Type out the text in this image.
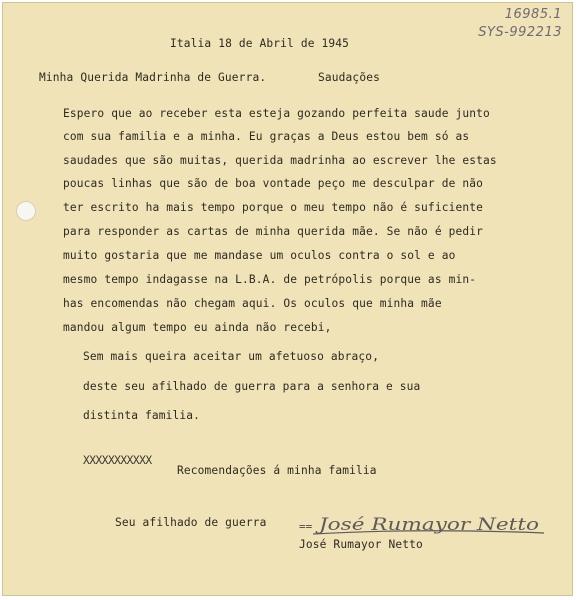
16985.1
SYS-992213
Italia 18 de Abril de 1945
Minha Querida Madrinha de Guerra.	Saudações
Espero que ao receber esta esteja gozando perfeita saude junto
com sua familia e a minha. Eu graças a Deus estou bem só as
saudades que são muitas, querida madrinha ao escrever lhe estas
poucas linhas que são de boa vontade peço me desculpar de não
ter escrito ha mais tempo porque o meu tempo não é suficiente
para responder as cartas de minha querida mãe. Se não é pedir
muito gostaria que me mandase um oculos contra o sol e ao
mesmo tempo indagasse na L.B.A. de petrópolis porque as min-
has encomendas não chegam aqui. Os oculos que minha mãe
mandou algum tempo eu ainda não recebi,
Sem mais queira aceitar um afetuoso abraço,
deste seu afilhado de guerra para a senhora e sua
distinta familia.
XXXXXXXXXXX
Recomendações á minha familia
Seu afilhado de guerra	== José Rumayor Netto
José Rumayor Netto
